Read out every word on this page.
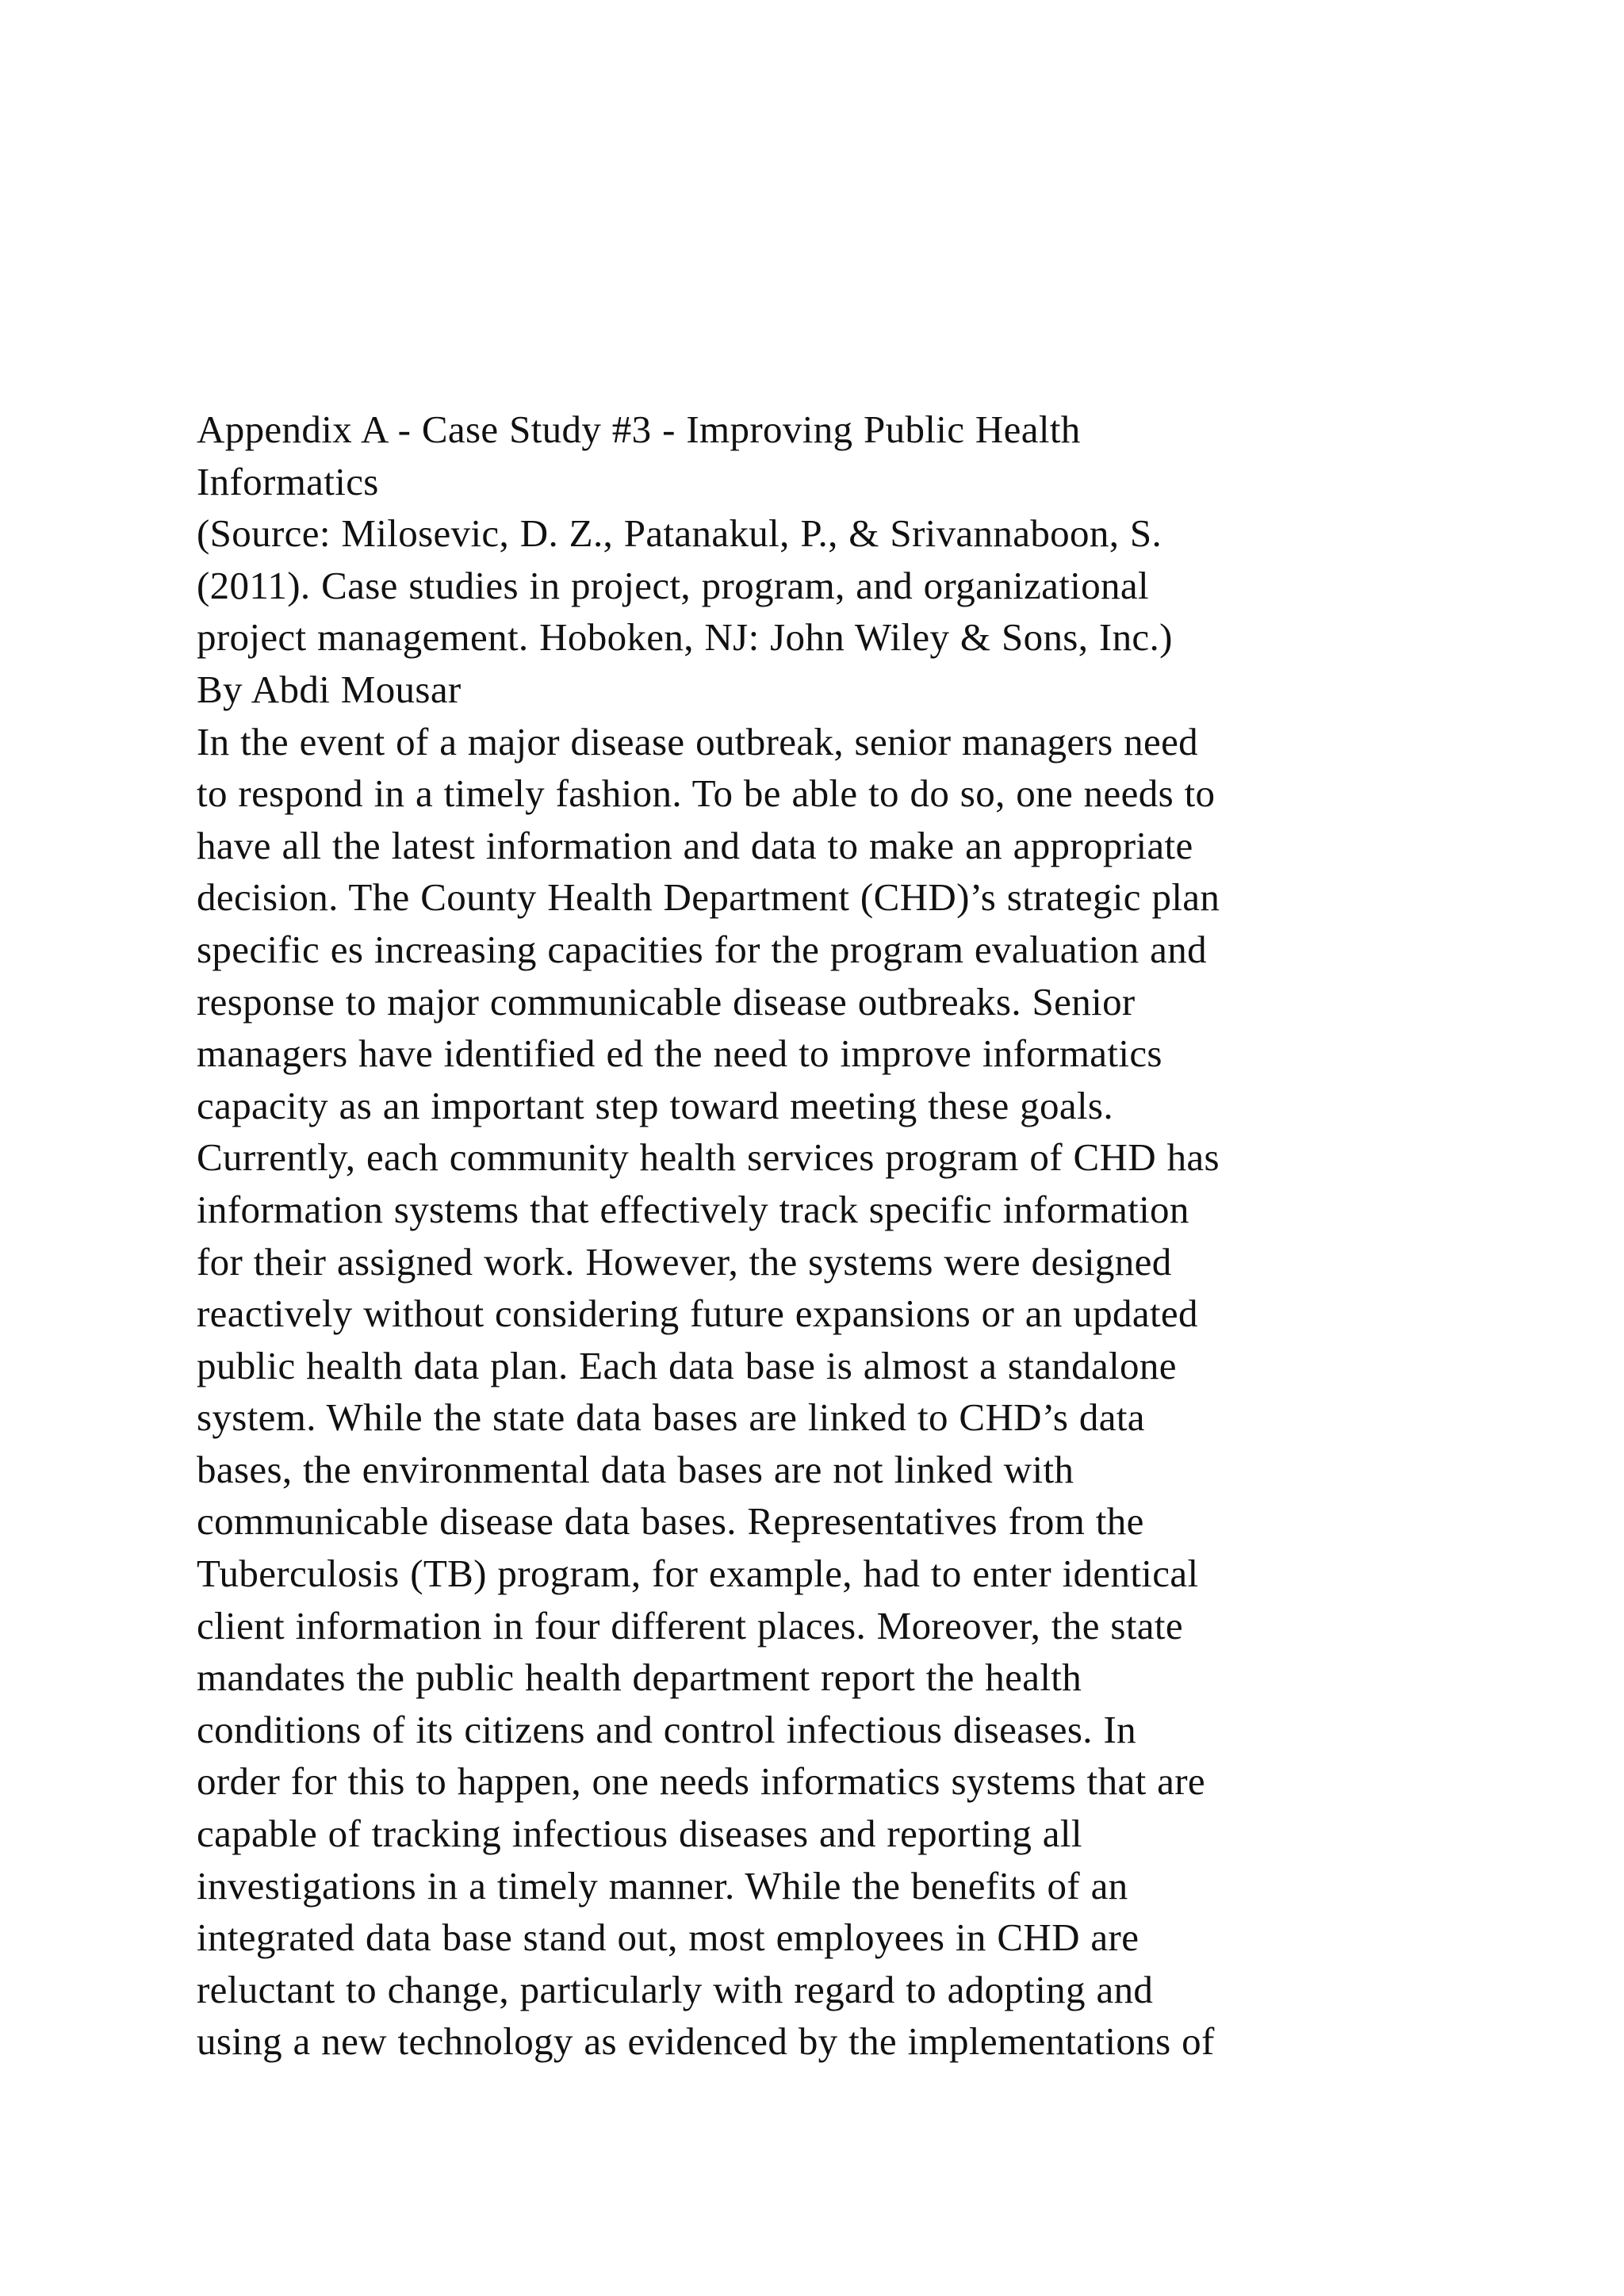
Appendix A - Case Study #3 - Improving Public Health
Informatics
(Source: Milosevic, D. Z., Patanakul, P., & Srivannaboon, S.
(2011). Case studies in project, program, and organizational
project management. Hoboken, NJ: John Wiley & Sons, Inc.)
By Abdi Mousar
In the event of a major disease outbreak, senior managers need
to respond in a timely fashion. To be able to do so, one needs to
have all the latest information and data to make an appropriate
decision. The County Health Department (CHD)’s strategic plan
specific es increasing capacities for the program evaluation and
response to major communicable disease outbreaks. Senior
managers have identified ed the need to improve informatics
capacity as an important step toward meeting these goals.
Currently, each community health services program of CHD has
information systems that effectively track specific information
for their assigned work. However, the systems were designed
reactively without considering future expansions or an updated
public health data plan. Each data base is almost a standalone
system. While the state data bases are linked to CHD’s data
bases, the environmental data bases are not linked with
communicable disease data bases. Representatives from the
Tuberculosis (TB) program, for example, had to enter identical
client information in four different places. Moreover, the state
mandates the public health department report the health
conditions of its citizens and control infectious diseases. In
order for this to happen, one needs informatics systems that are
capable of tracking infectious diseases and reporting all
investigations in a timely manner. While the benefits of an
integrated data base stand out, most employees in CHD are
reluctant to change, particularly with regard to adopting and
using a new technology as evidenced by the implementations of
